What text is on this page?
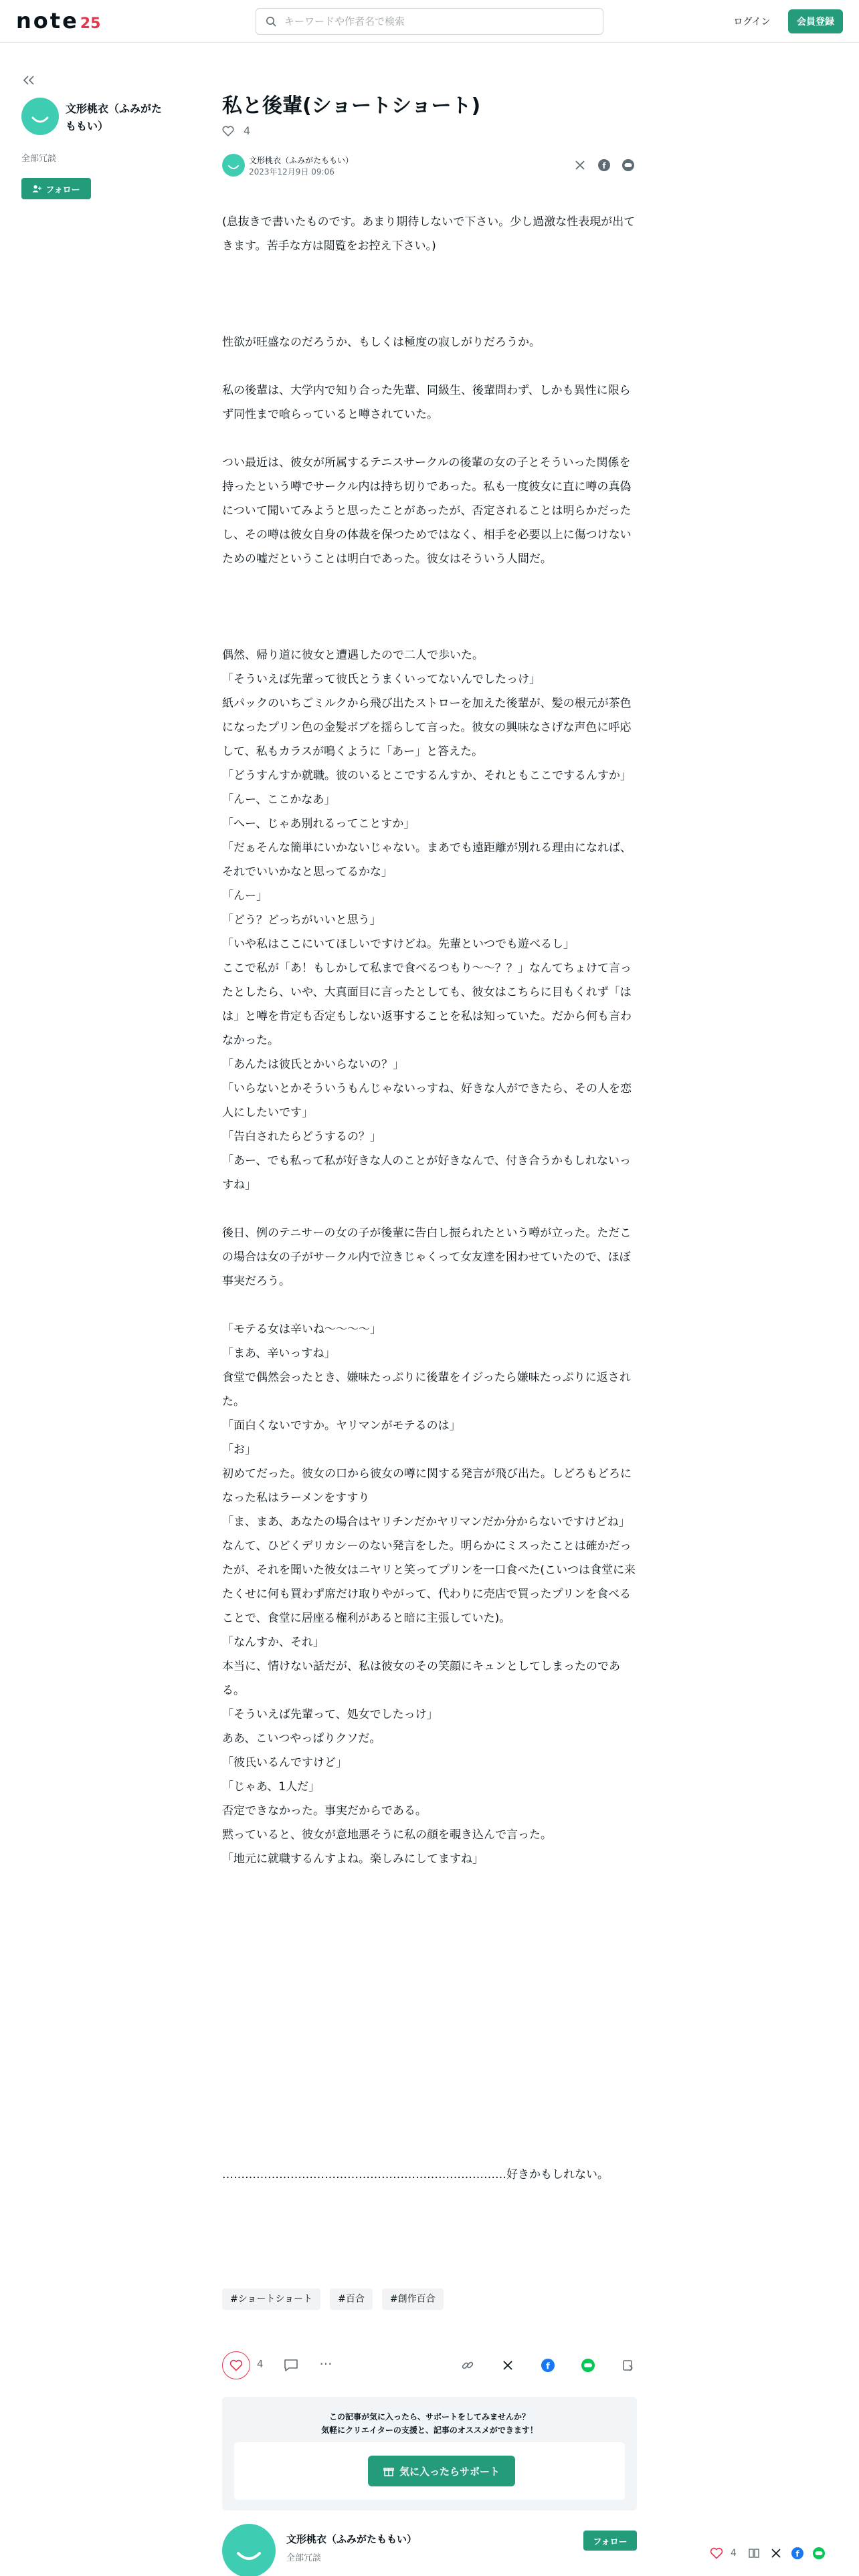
note25
キーワードや作者名で検索	ログイン	会員登録
文形桃衣（ふみがたももい）
全部冗談
フォロー
私と後輩(ショートショート)
4
文形桃衣（ふみがたももい）
2023年12月9日 09:06
f

(息抜きで書いたものです。あまり期待しないで下さい。少し過激な性表現が出てきます。苦手な方は閲覧をお控え下さい。)

性欲が旺盛なのだろうか、もしくは極度の寂しがりだろうか。

私の後輩は、大学内で知り合った先輩、同級生、後輩問わず、しかも異性に限らず同性まで喰らっていると噂されていた。

つい最近は、彼女が所属するテニスサークルの後輩の女の子とそういった関係を持ったという噂でサークル内は持ち切りであった。私も一度彼女に直に噂の真偽について聞いてみようと思ったことがあったが、否定されることは明らかだったし、その噂は彼女自身の体裁を保つためではなく、相手を必要以上に傷つけないための嘘だということは明白であった。彼女はそういう人間だ。

偶然、帰り道に彼女と遭遇したので二人で歩いた。

「そういえば先輩って彼氏とうまくいってないんでしたっけ」

紙パックのいちごミルクから飛び出たストローを加えた後輩が、髪の根元が茶色になったプリン色の金髪ボブを揺らして言った。彼女の興味なさげな声色に呼応して、私もカラスが鳴くように「あー」と答えた。

「どうすんすか就職。彼のいるとこでするんすか、それともここでするんすか」

「んー、ここかなあ」

「へー、じゃあ別れるってことすか」

「だぁそんな簡単にいかないじゃない。まあでも遠距離が別れる理由になれば、それでいいかなと思ってるかな」

「んー」

「どう？どっちがいいと思う」

「いや私はここにいてほしいですけどね。先輩といつでも遊べるし」

ここで私が「あ！もしかして私まで食べるつもり～～？？」なんてちょけて言ったとしたら、いや、大真面目に言ったとしても、彼女はこちらに目もくれず「はは」と噂を肯定も否定もしない返事することを私は知っていた。だから何も言わなかった。

「あんたは彼氏とかいらないの？」

「いらないとかそういうもんじゃないっすね、好きな人ができたら、その人を恋人にしたいです」

「告白されたらどうするの？」

「あー、でも私って私が好きな人のことが好きなんで、付き合うかもしれないっすね」

後日、例のテニサーの女の子が後輩に告白し振られたという噂が立った。ただこの場合は女の子がサークル内で泣きじゃくって女友達を困わせていたので、ほぼ事実だろう。

「モテる女は辛いね～～～～」

「まあ、辛いっすね」

食堂で偶然会ったとき、嫌味たっぷりに後輩をイジったら嫌味たっぷりに返された。

「面白くないですか。ヤリマンがモテるのは」

「お」

初めてだった。彼女の口から彼女の噂に関する発言が飛び出た。しどろもどろになった私はラーメンをすすり

「ま、まあ、あなたの場合はヤリチンだかヤリマンだか分からないですけどね」

なんて、ひどくデリカシーのない発言をした。明らかにミスったことは確かだったが、それを聞いた彼女はニヤリと笑ってプリンを一口食べた(こいつは食堂に来たくせに何も買わず席だけ取りやがって、代わりに売店で買ったプリンを食べることで、食堂に居座る権利があると暗に主張していた)。

「なんすか、それ」

本当に、情けない話だが、私は彼女のその笑顔にキュンとしてしまったのである。

「そういえば先輩って、処女でしたっけ」

ああ、こいつやっぱりクソだ。

「彼氏いるんですけど」

「じゃあ、1人だ」

否定できなかった。事実だからである。

黙っていると、彼女が意地悪そうに私の顔を覗き込んで言った。

「地元に就職するんすよね。楽しみにしてますね」

…………………………………………………………………好きかもしれない。
#ショートショート	#百合	#創作百合
4	···	f
この記事が気に入ったら、サポートをしてみませんか？
気軽にクリエイターの支援と、記事のオススメができます！
気に入ったらサポート
文形桃衣（ふみがたももい）
全部冗談
フォロー
4	f
